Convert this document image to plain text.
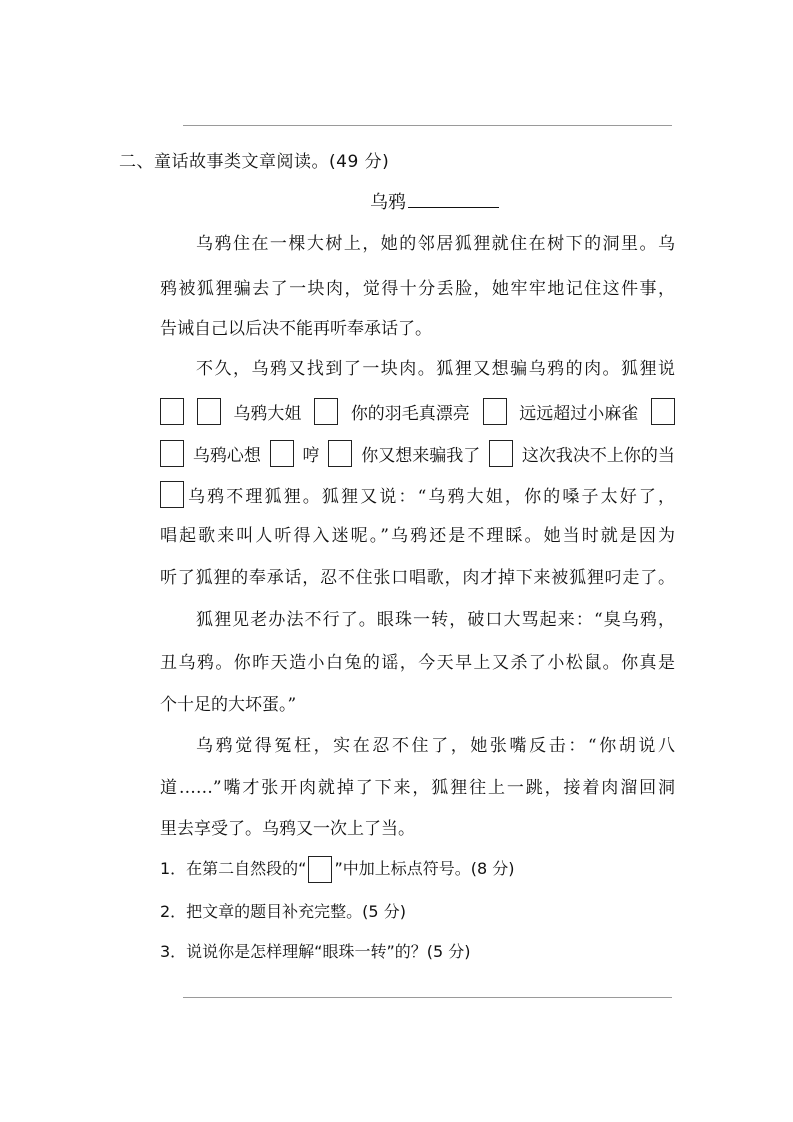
二、童话故事类文章阅读。(49 分)
乌鸦
乌鸦住在一棵大树上，她的邻居狐狸就住在树下的洞里。乌
鸦被狐狸骗去了一块肉，觉得十分丢脸，她牢牢地记住这件事，
告诫自己以后决不能再听奉承话了。
不久，乌鸦又找到了一块肉。狐狸又想骗乌鸦的肉。狐狸说
乌鸦大姐	你的羽毛真漂亮	远远超过小麻雀
乌鸦心想 哼 你又想来骗我了 这次我决不上你的当
乌鸦不理狐狸。狐狸又说：“乌鸦大姐，你的嗓子太好了，
唱起歌来叫人听得入迷呢。”乌鸦还是不理睬。她当时就是因为
听了狐狸的奉承话，忍不住张口唱歌，肉才掉下来被狐狸叼走了。
狐狸见老办法不行了。眼珠一转，破口大骂起来：“臭乌鸦，
丑乌鸦。你昨天造小白兔的谣，今天早上又杀了小松鼠。你真是
个十足的大坏蛋。”
乌鸦觉得冤枉，实在忍不住了，她张嘴反击：“你胡说八
道……”嘴才张开肉就掉了下来，狐狸往上一跳，接着肉溜回洞
里去享受了。乌鸦又一次上了当。
1．在第二自然段的“ ”中加上标点符号。(8 分)
2．把文章的题目补充完整。(5 分)
3．说说你是怎样理解“眼珠一转”的？(5 分)
